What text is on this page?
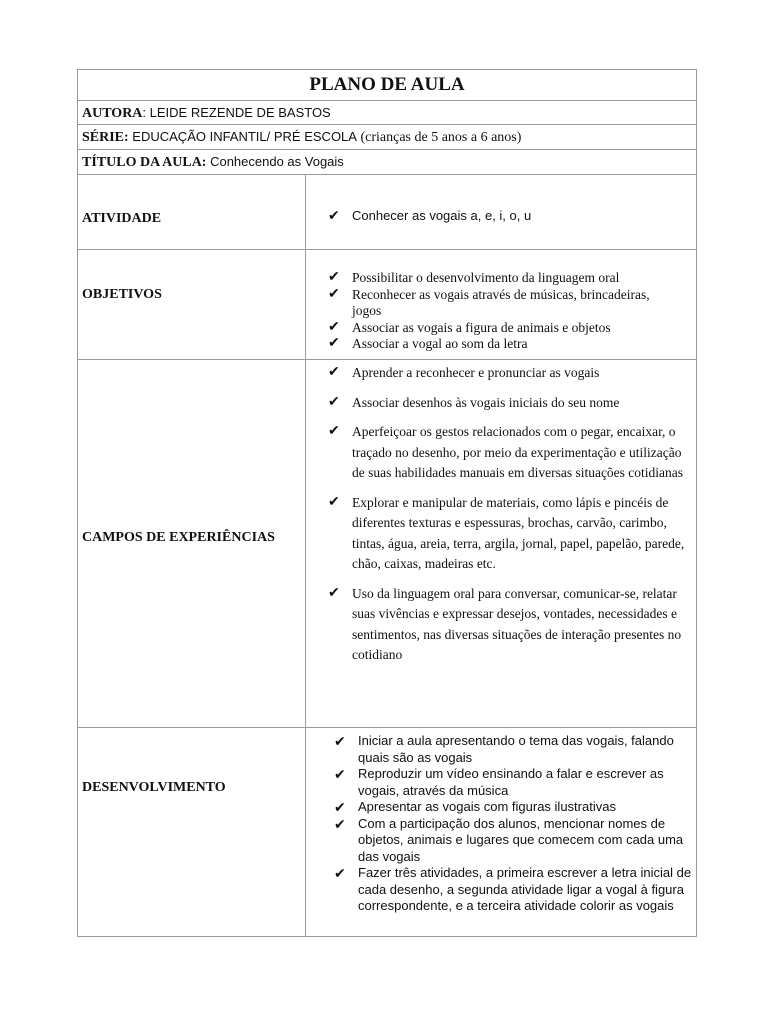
PLANO DE AULA
AUTORA: LEIDE REZENDE DE BASTOS
SÉRIE: EDUCAÇÃO INFANTIL/ PRÉ ESCOLA (crianças de 5 anos a 6 anos)
TÍTULO DA AULA: Conhecendo as Vogais
ATIVIDADE	✔ Conhecer as vogais a, e, i, o, u
OBJETIVOS
✔ Possibilitar o desenvolvimento da linguagem oral
✔ Reconhecer as vogais através de músicas, brincadeiras, jogos
✔ Associar as vogais a figura de animais e objetos
✔ Associar a vogal ao som da letra
CAMPOS DE EXPERIÊNCIAS
✔ Aprender a reconhecer e pronunciar as vogais
✔ Associar desenhos às vogais iniciais do seu nome
✔ Aperfeiçoar os gestos relacionados com o pegar, encaixar, o traçado no desenho, por meio da experimentação e utilização de suas habilidades manuais em diversas situações cotidianas
✔ Explorar e manipular de materiais, como lápis e pincéis de diferentes texturas e espessuras, brochas, carvão, carimbo, tintas, água, areia, terra, argila, jornal, papel, papelão, parede, chão, caixas, madeiras etc.
✔ Uso da linguagem oral para conversar, comunicar-se, relatar suas vivências e expressar desejos, vontades, necessidades e sentimentos, nas diversas situações de interação presentes no cotidiano
DESENVOLVIMENTO
✔ Iniciar a aula apresentando o tema das vogais, falando quais são as vogais
✔ Reproduzir um vídeo ensinando a falar e escrever as vogais, através da música
✔ Apresentar as vogais com figuras ilustrativas
✔ Com a participação dos alunos, mencionar nomes de objetos, animais e lugares que comecem com cada uma das vogais
✔ Fazer três atividades, a primeira escrever a letra inicial de cada desenho, a segunda atividade ligar a vogal à figura correspondente, e a terceira atividade colorir as vogais
